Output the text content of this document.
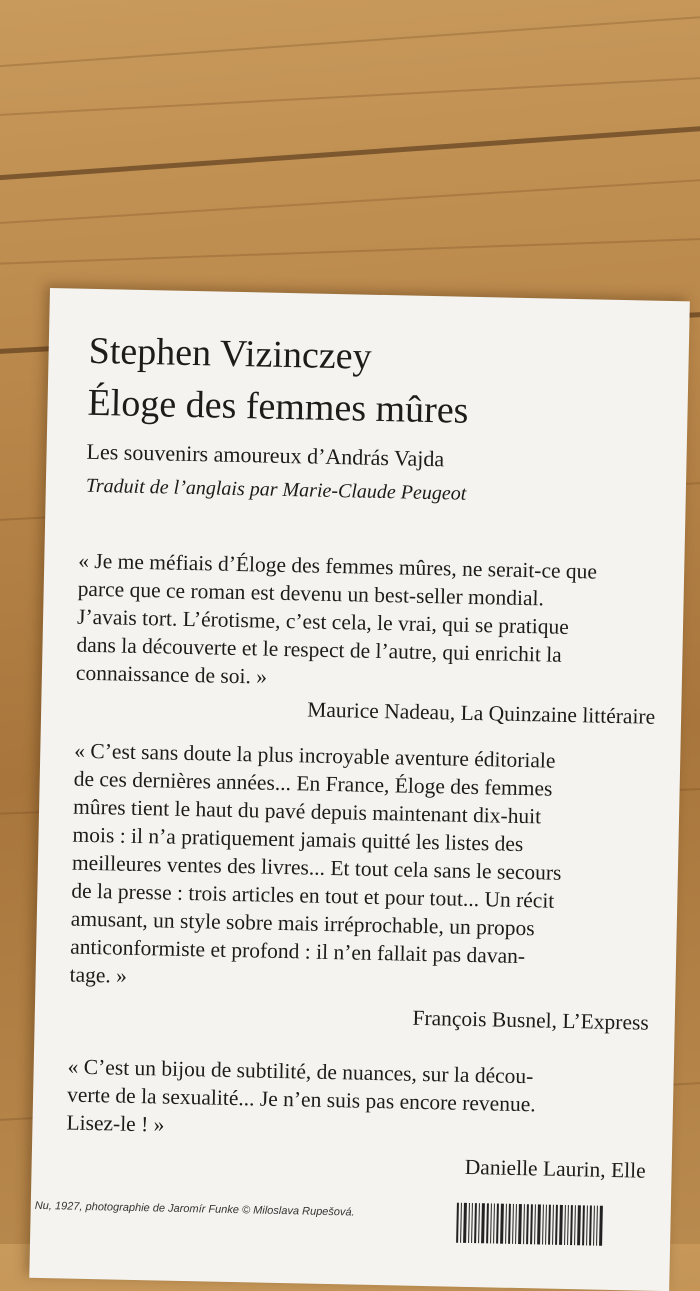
Stephen Vizinczey
Éloge des femmes mûres
Les souvenirs amoureux d’András Vajda
Traduit de l’anglais par Marie-Claude Peugeot
« Je me méfiais d’Éloge des femmes mûres, ne serait-ce que
parce que ce roman est devenu un best-seller mondial.
J’avais tort. L’érotisme, c’est cela, le vrai, qui se pratique
dans la découverte et le respect de l’autre, qui enrichit la
connaissance de soi. »
Maurice Nadeau, La Quinzaine littéraire
« C’est sans doute la plus incroyable aventure éditoriale
de ces dernières années... En France, Éloge des femmes
mûres tient le haut du pavé depuis maintenant dix-huit
mois : il n’a pratiquement jamais quitté les listes des
meilleures ventes des livres... Et tout cela sans le secours
de la presse : trois articles en tout et pour tout... Un récit
amusant, un style sobre mais irréprochable, un propos
anticonformiste et profond : il n’en fallait pas davan-
tage. »
François Busnel, L’Express
« C’est un bijou de subtilité, de nuances, sur la décou-
verte de la sexualité... Je n’en suis pas encore revenue.
Lisez-le ! »
Danielle Laurin, Elle
Nu, 1927, photographie de Jaromír Funke © Miloslava Rupešová.
